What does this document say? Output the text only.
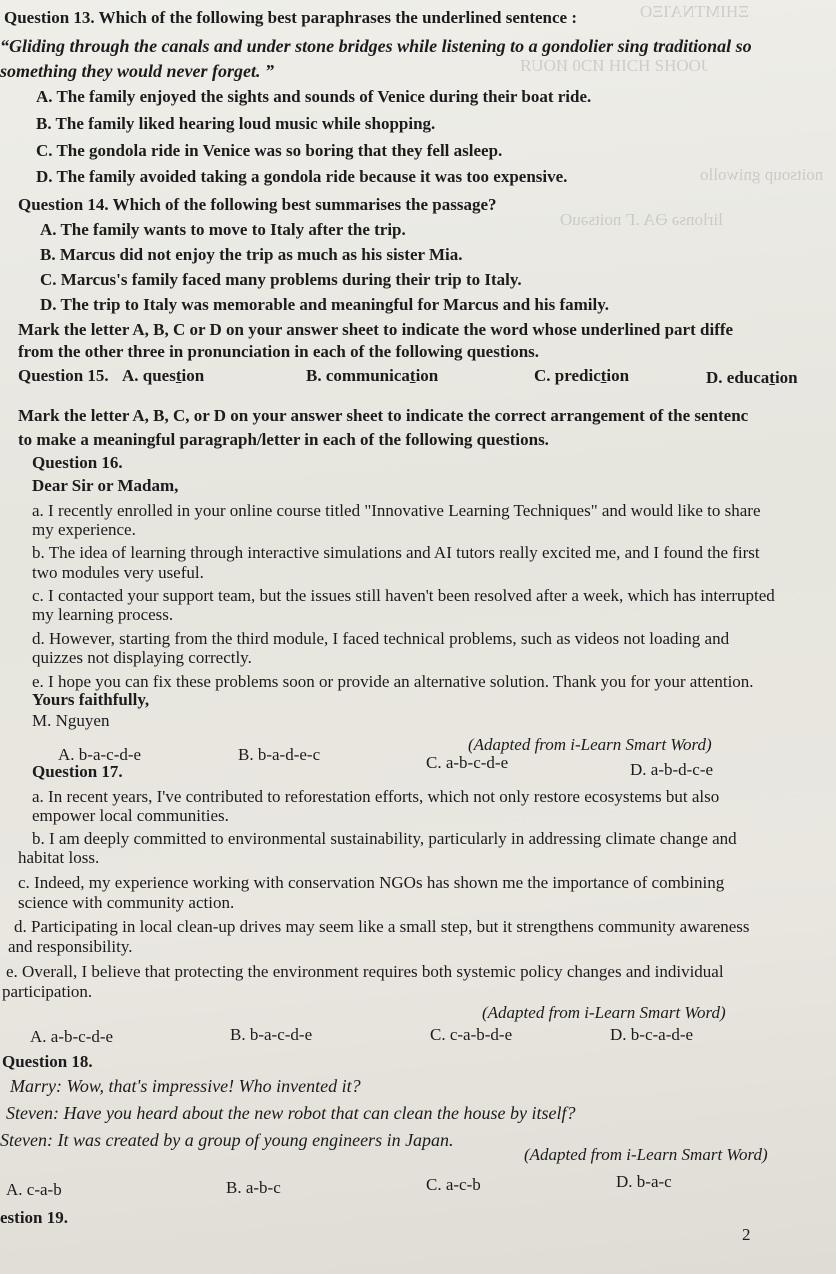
ΞΗΙΜΤΝΑΊΞΟ
JOOHƧ HƆIH ИƆ0 ИOUЯ
noitsoup gniwollo
lirlonsə ƏA .Γ noitsəuО
Question 13. Which of the following best paraphrases the underlined sentence :
“Gliding through the canals and under stone bridges while listening to a gondolier sing traditional so
something they would never forget. ”
A. The family enjoyed the sights and sounds of Venice during their boat ride.
B. The family liked hearing loud music while shopping.
C. The gondola ride in Venice was so boring that they fell asleep.
D. The family avoided taking a gondola ride because it was too expensive.
Question 14. Which of the following best summarises the passage?
A. The family wants to move to Italy after the trip.
B. Marcus did not enjoy the trip as much as his sister Mia.
C. Marcus's family faced many problems during their trip to Italy.
D. The trip to Italy was memorable and meaningful for Marcus and his family.
Mark the letter A, B, C or D on your answer sheet to indicate the word whose underlined part diffe
from the other three in pronunciation in each of the following questions.
Question 15. A. question	B. communication	C. prediction	D. education
Mark the letter A, B, C, or D on your answer sheet to indicate the correct arrangement of the sentenc
to make a meaningful paragraph/letter in each of the following questions.
Question 16.
Dear Sir or Madam,
a. I recently enrolled in your online course titled "Innovative Learning Techniques" and would like to share
my experience.
b. The idea of learning through interactive simulations and AI tutors really excited me, and I found the first
two modules very useful.
c. I contacted your support team, but the issues still haven't been resolved after a week, which has interrupted
my learning process.
d. However, starting from the third module, I faced technical problems, such as videos not loading and
quizzes not displaying correctly.
e. I hope you can fix these problems soon or provide an alternative solution. Thank you for your attention.
Yours faithfully,
M. Nguyen
(Adapted from i-Learn Smart Word)
A. b-a-c-d-e	B. b-a-d-e-c	C. a-b-c-d-e	D. a-b-d-c-e
Question 17.
a. In recent years, I've contributed to reforestation efforts, which not only restore ecosystems but also
empower local communities.
b. I am deeply committed to environmental sustainability, particularly in addressing climate change and
habitat loss.
c. Indeed, my experience working with conservation NGOs has shown me the importance of combining
science with community action.
d. Participating in local clean-up drives may seem like a small step, but it strengthens community awareness
and responsibility.
e. Overall, I believe that protecting the environment requires both systemic policy changes and individual
participation.
(Adapted from i-Learn Smart Word)
A. a-b-c-d-e	B. b-a-c-d-e	C. c-a-b-d-e	D. b-c-a-d-e
Question 18.
Marry: Wow, that's impressive! Who invented it?
Steven: Have you heard about the new robot that can clean the house by itself?
Steven: It was created by a group of young engineers in Japan.
(Adapted from i-Learn Smart Word)
A. c-a-b	B. a-b-c	C. a-c-b	D. b-a-c
estion 19.
2
